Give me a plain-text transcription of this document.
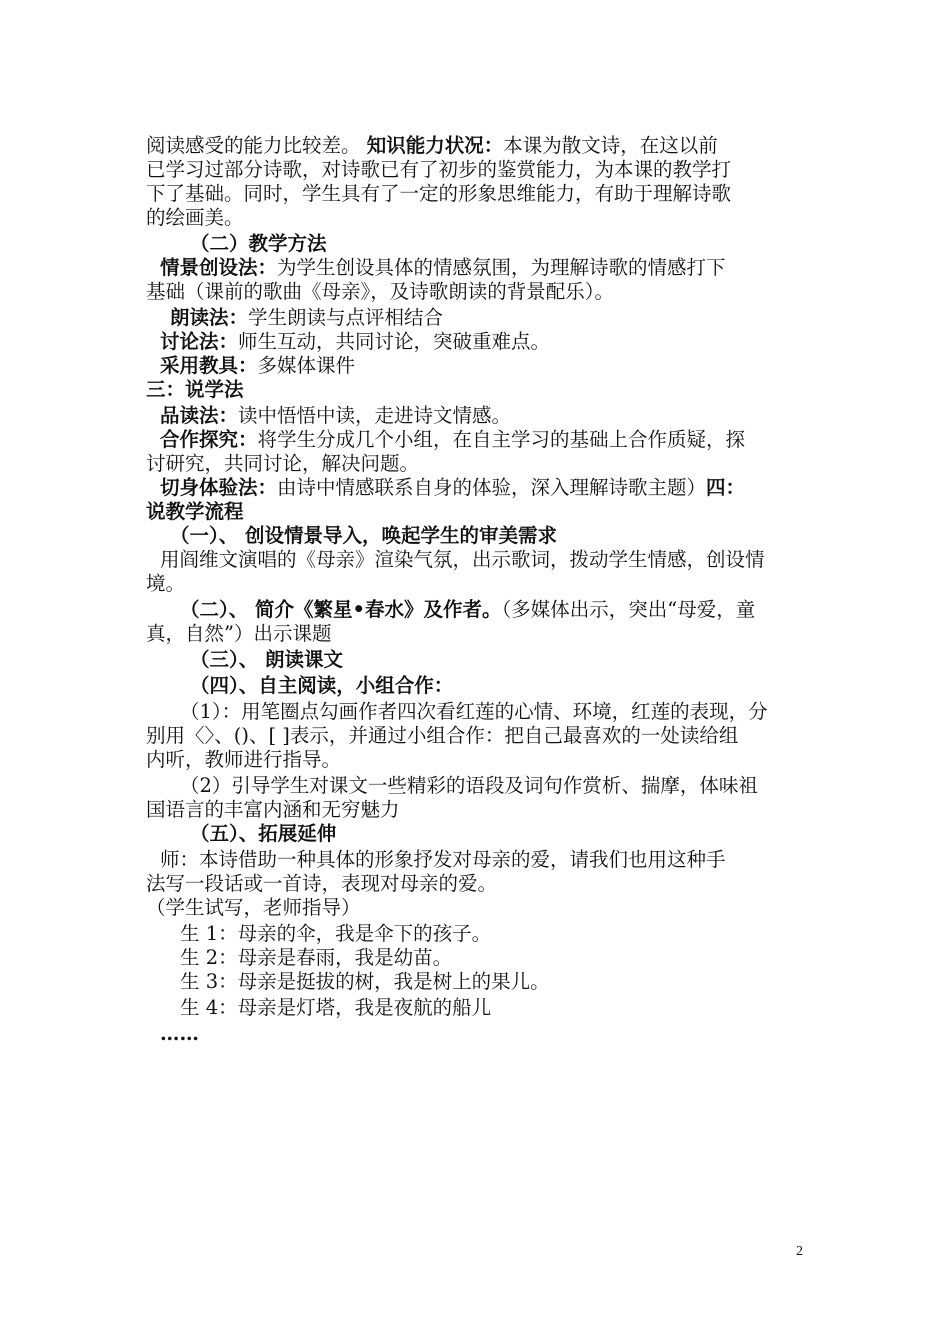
阅读感受的能力比较差。 知识能力状况：本课为散文诗，在这以前
已学习过部分诗歌，对诗歌已有了初步的鉴赏能力，为本课的教学打
下了基础。同时，学生具有了一定的形象思维能力，有助于理解诗歌
的绘画美。
（二）教学方法
情景创设法：为学生创设具体的情感氛围，为理解诗歌的情感打下
基础（课前的歌曲《母亲》，及诗歌朗读的背景配乐）。
朗读法：学生朗读与点评相结合
讨论法：师生互动，共同讨论，突破重难点。
采用教具：多媒体课件
三：说学法
品读法：读中悟悟中读，走进诗文情感。
合作探究：将学生分成几个小组，在自主学习的基础上合作质疑，探
讨研究，共同讨论，解决问题。
切身体验法：由诗中情感联系自身的体验，深入理解诗歌主题）四：
说教学流程
（一）、 创设情景导入，唤起学生的审美需求
用阎维文演唱的《母亲》渲染气氛，出示歌词，拨动学生情感，创设情
境。
（二）、 简介《繁星•春水》及作者。（多媒体出示，突出“母爱，童
真，自然”）出示课题
（三）、 朗读课文
（四）、自主阅读，小组合作：
（1）：用笔圈点勾画作者四次看红莲的心情、环境，红莲的表现，分
别用〈〉、()、[ ]表示，并通过小组合作：把自己最喜欢的一处读给组
内听，教师进行指导。
（2）引导学生对课文一些精彩的语段及词句作赏析、揣摩，体味祖
国语言的丰富内涵和无穷魅力
（五）、拓展延伸
师：本诗借助一种具体的形象抒发对母亲的爱，请我们也用这种手
法写一段话或一首诗，表现对母亲的爱。
（学生试写，老师指导）
生 1：母亲的伞，我是伞下的孩子。
生 2：母亲是春雨，我是幼苗。
生 3：母亲是挺拔的树，我是树上的果儿。
生 4：母亲是灯塔，我是夜航的船儿
……
2
